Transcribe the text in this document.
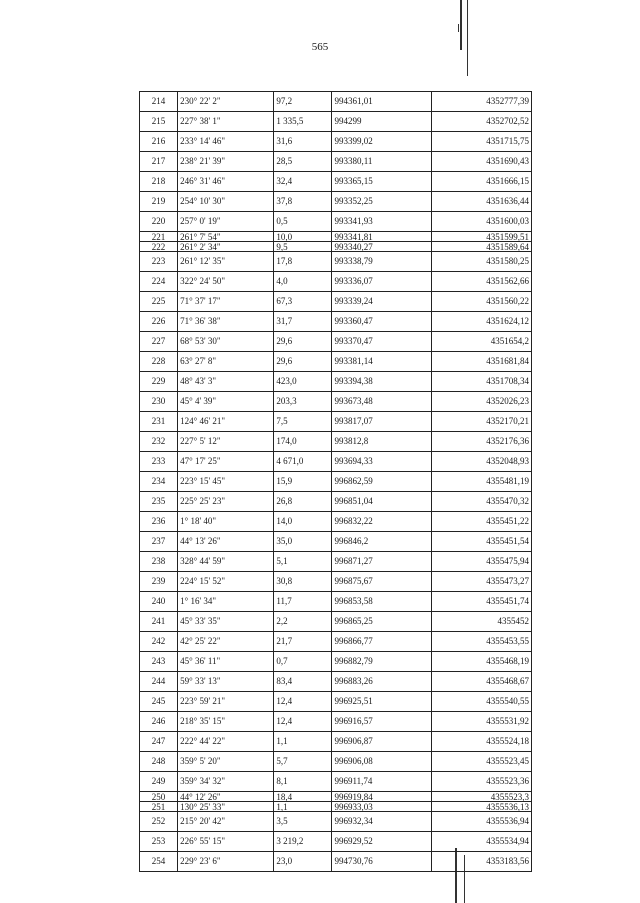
565
214	230° 22' 2"	97,2	994361,01	4352777,39
215	227° 38' 1"	1 335,5	994299	4352702,52
216	233° 14' 46"	31,6	993399,02	4351715,75
217	238° 21' 39"	28,5	993380,11	4351690,43
218	246° 31' 46"	32,4	993365,15	4351666,15
219	254° 10' 30"	37,8	993352,25	4351636,44
220	257° 0' 19"	0,5	993341,93	4351600,03
221	261° 7' 54"	10,0	993341,81	4351599,51
222	261° 2' 34"	9,5	993340,27	4351589,64
223	261° 12' 35"	17,8	993338,79	4351580,25
224	322° 24' 50"	4,0	993336,07	4351562,66
225	71° 37' 17"	67,3	993339,24	4351560,22
226	71° 36' 38"	31,7	993360,47	4351624,12
227	68° 53' 30"	29,6	993370,47	4351654,2
228	63° 27' 8"	29,6	993381,14	4351681,84
229	48° 43' 3"	423,0	993394,38	4351708,34
230	45° 4' 39"	203,3	993673,48	4352026,23
231	124° 46' 21"	7,5	993817,07	4352170,21
232	227° 5' 12"	174,0	993812,8	4352176,36
233	47° 17' 25"	4 671,0	993694,33	4352048,93
234	223° 15' 45"	15,9	996862,59	4355481,19
235	225° 25' 23"	26,8	996851,04	4355470,32
236	1° 18' 40"	14,0	996832,22	4355451,22
237	44° 13' 26"	35,0	996846,2	4355451,54
238	328° 44' 59"	5,1	996871,27	4355475,94
239	224° 15' 52"	30,8	996875,67	4355473,27
240	1° 16' 34"	11,7	996853,58	4355451,74
241	45° 33' 35"	2,2	996865,25	4355452
242	42° 25' 22"	21,7	996866,77	4355453,55
243	45° 36' 11"	0,7	996882,79	4355468,19
244	59° 33' 13"	83,4	996883,26	4355468,67
245	223° 59' 21"	12,4	996925,51	4355540,55
246	218° 35' 15"	12,4	996916,57	4355531,92
247	222° 44' 22"	1,1	996906,87	4355524,18
248	359° 5' 20"	5,7	996906,08	4355523,45
249	359° 34' 32"	8,1	996911,74	4355523,36
250	44° 12' 26"	18,4	996919,84	4355523,3
251	130° 25' 33"	1,1	996933,03	4355536,13
252	215° 20' 42"	3,5	996932,34	4355536,94
253	226° 55' 15"	3 219,2	996929,52	4355534,94
254	229° 23' 6"	23,0	994730,76	4353183,56
